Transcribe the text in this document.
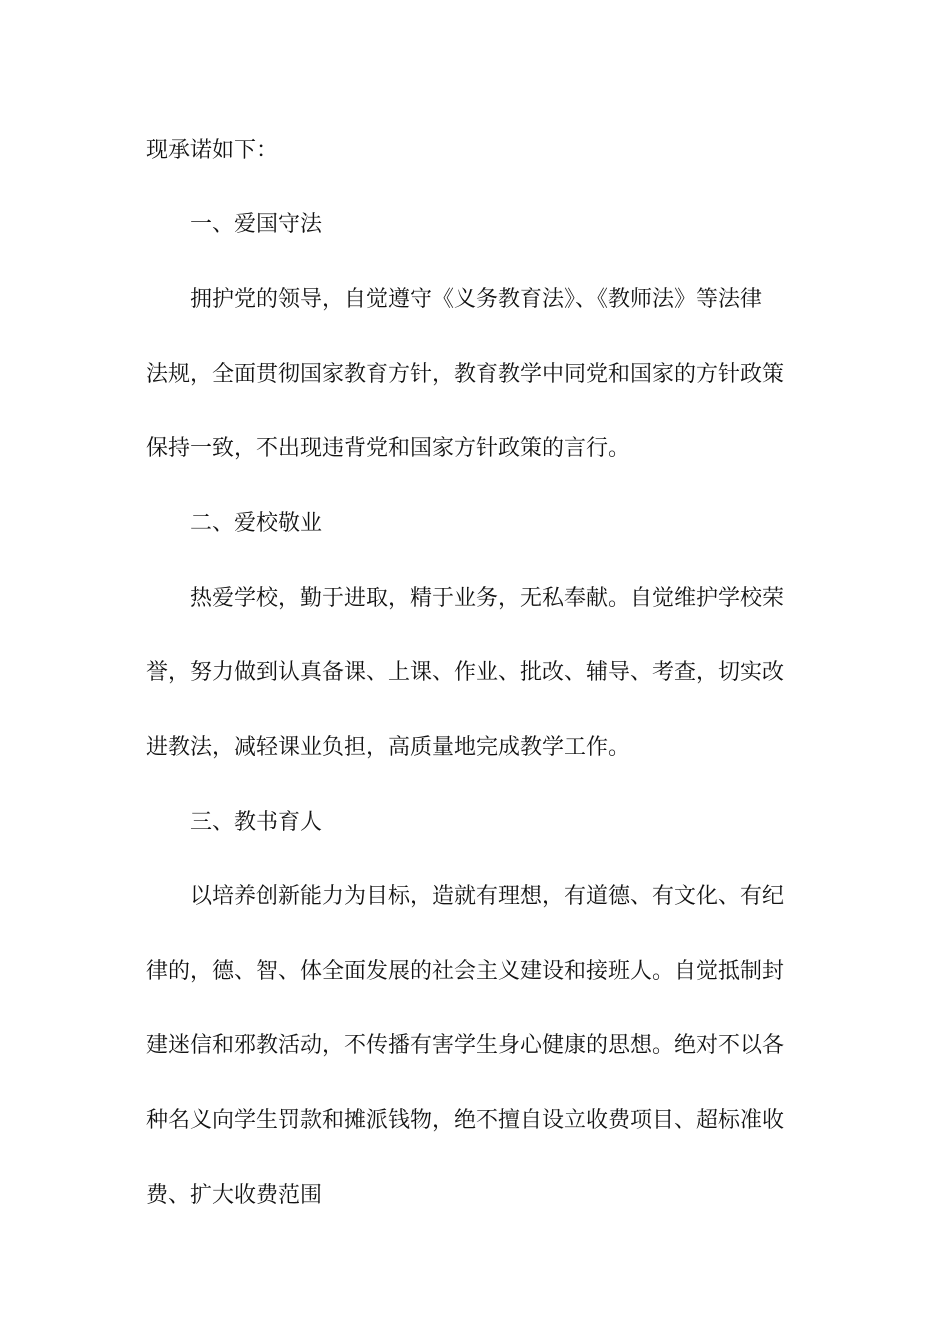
现承诺如下：
一、爱国守法
拥护党的领导，自觉遵守《义务教育法》、《教师法》等法律
法规，全面贯彻国家教育方针，教育教学中同党和国家的方针政策
保持一致，不出现违背党和国家方针政策的言行。
二、爱校敬业
热爱学校，勤于进取，精于业务，无私奉献。自觉维护学校荣
誉，努力做到认真备课、上课、作业、批改、辅导、考查，切实改
进教法，减轻课业负担，高质量地完成教学工作。
三、教书育人
以培养创新能力为目标，造就有理想，有道德、有文化、有纪
律的，德、智、体全面发展的社会主义建设和接班人。自觉抵制封
建迷信和邪教活动，不传播有害学生身心健康的思想。绝对不以各
种名义向学生罚款和摊派钱物，绝不擅自设立收费项目、超标准收
费、扩大收费范围
